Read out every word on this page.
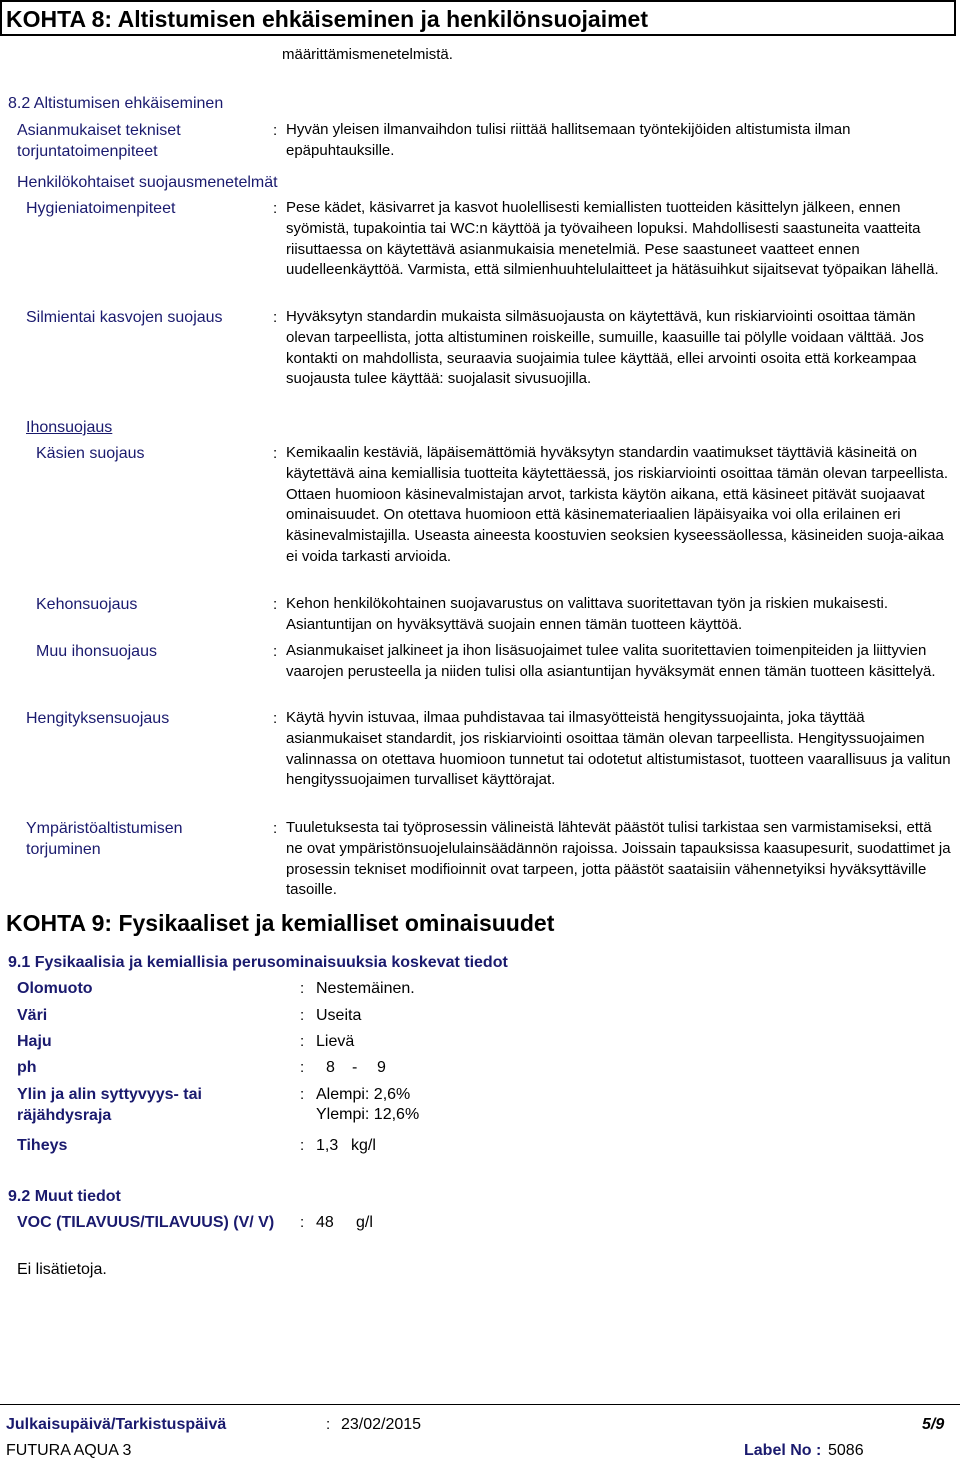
KOHTA 8: Altistumisen ehkäiseminen ja henkilönsuojaimet
määrittämismenetelmistä.
8.2 Altistumisen ehkäiseminen
Asianmukaiset tekniset torjuntatoimenpiteet
: Hyvän yleisen ilmanvaihdon tulisi riittää hallitsemaan työntekijöiden altistumista ilman epäpuhtauksille.
Henkilökohtaiset suojausmenetelmät
Hygieniatoimenpiteet	: Pese kädet, käsivarret ja kasvot huolellisesti kemiallisten tuotteiden käsittelyn jälkeen, ennen syömistä, tupakointia tai WC:n käyttöä ja työvaiheen lopuksi. Mahdollisesti saastuneita vaatteita riisuttaessa on käytettävä asianmukaisia menetelmiä. Pese saastuneet vaatteet ennen uudelleenkäyttöä. Varmista, että silmienhuuhtelulaitteet ja hätäsuihkut sijaitsevat työpaikan lähellä.
Silmientai kasvojen suojaus	: Hyväksytyn standardin mukaista silmäsuojausta on käytettävä, kun riskiarviointi osoittaa tämän olevan tarpeellista, jotta altistuminen roiskeille, sumuille, kaasuille tai pölylle voidaan välttää. Jos kontakti on mahdollista, seuraavia suojaimia tulee käyttää, ellei arvointi osoita että korkeampaa suojausta tulee käyttää: suojalasit sivusuojilla.
Ihonsuojaus
Käsien suojaus	: Kemikaalin kestäviä, läpäisemättömiä hyväksytyn standardin vaatimukset täyttäviä käsineitä on käytettävä aina kemiallisia tuotteita käytettäessä, jos riskiarviointi osoittaa tämän olevan tarpeellista. Ottaen huomioon käsinevalmistajan arvot, tarkista käytön aikana, että käsineet pitävät suojaavat ominaisuudet. On otettava huomioon että käsinemateriaalien läpäisyaika voi olla erilainen eri käsinevalmistajilla. Useasta aineesta koostuvien seoksien kyseessäollessa, käsineiden suoja-aikaa ei voida tarkasti arvioida.
Kehonsuojaus	: Kehon henkilökohtainen suojavarustus on valittava suoritettavan työn ja riskien mukaisesti. Asiantuntijan on hyväksyttävä suojain ennen tämän tuotteen käyttöä.
Muu ihonsuojaus	: Asianmukaiset jalkineet ja ihon lisäsuojaimet tulee valita suoritettavien toimenpiteiden ja liittyvien vaarojen perusteella ja niiden tulisi olla asiantuntijan hyväksymät ennen tämän tuotteen käsittelyä.
Hengityksensuojaus	: Käytä hyvin istuvaa, ilmaa puhdistavaa tai ilmasyötteistä hengityssuojainta, joka täyttää asianmukaiset standardit, jos riskiarviointi osoittaa tämän olevan tarpeellista. Hengityssuojaimen valinnassa on otettava huomioon tunnetut tai odotetut altistumistasot, tuotteen vaarallisuus ja valitun hengityssuojaimen turvalliset käyttörajat.
Ympäristöaltistumisen torjuminen
: Tuuletuksesta tai työprosessin välineistä lähtevät päästöt tulisi tarkistaa sen varmistamiseksi, että ne ovat ympäristönsuojelulainsäädännön rajoissa. Joissain tapauksissa kaasupesurit, suodattimet ja prosessin tekniset modifioinnit ovat tarpeen, jotta päästöt saataisiin vähennetyiksi hyväksyttäville tasoille.
KOHTA 9: Fysikaaliset ja kemialliset ominaisuudet
9.1 Fysikaalisia ja kemiallisia perusominaisuuksia koskevat tiedot
Olomuoto	: Nestemäinen.
Väri	: Useita
Haju	: Lievä
ph	: 8 - 9
Ylin ja alin syttyvyys- tai räjähdysraja
: Alempi: 2,6%
Ylempi: 12,6%
Tiheys	: 1,3 kg/l
9.2 Muut tiedot
VOC (TILAVUUS/TILAVUUS) (V/ V)	: 48 g/l
Ei lisätietoja.
Julkaisupäivä/Tarkistuspäivä	: 23/02/2015	5/9
FUTURA AQUA 3	Label No : 5086
